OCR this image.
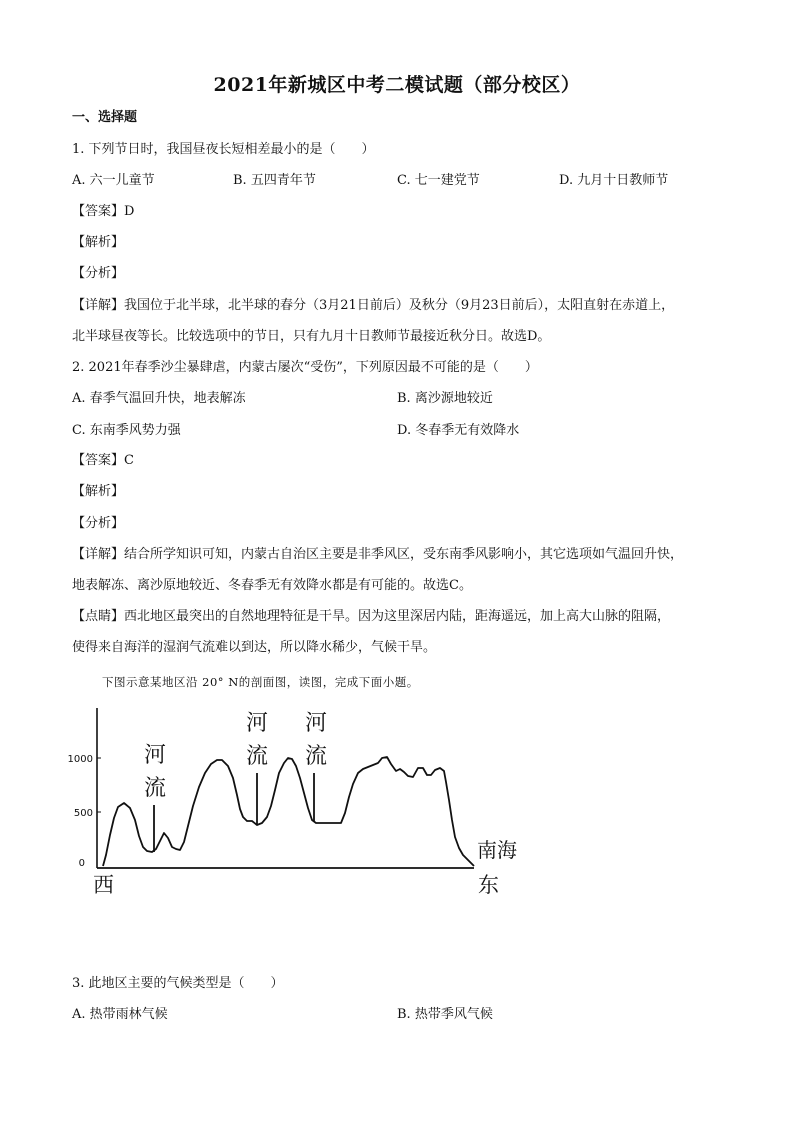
2021年新城区中考二模试题（部分校区）
一、选择题
1. 下列节日时，我国昼夜长短相差最小的是（　　）
A. 六一儿童节	B. 五四青年节	C. 七一建党节	D. 九月十日教师节
【答案】D
【解析】
【分析】
【详解】我国位于北半球，北半球的春分（3月21日前后）及秋分（9月23日前后），太阳直射在赤道上，
北半球昼夜等长。比较选项中的节日，只有九月十日教师节最接近秋分日。故选D。
2. 2021年春季沙尘暴肆虐，内蒙古屡次“受伤”，下列原因最不可能的是（　　）
A. 春季气温回升快，地表解冻	B. 离沙源地较近
C. 东南季风势力强	D. 冬春季无有效降水
【答案】C
【解析】
【分析】
【详解】结合所学知识可知，内蒙古自治区主要是非季风区，受东南季风影响小，其它选项如气温回升快，
地表解冻、离沙原地较近、冬春季无有效降水都是有可能的。故选C。
【点睛】西北地区最突出的自然地理特征是干旱。因为这里深居内陆，距海遥远，加上高大山脉的阻隔，
使得来自海洋的湿润气流难以到达，所以降水稀少，气候干旱。
下图示意某地区沿 20° N的剖面图，读图，完成下面小题。
1000
500
0
河流
河流
河流
西	东
南海
3. 此地区主要的气候类型是（　　）
A. 热带雨林气候	B. 热带季风气候
